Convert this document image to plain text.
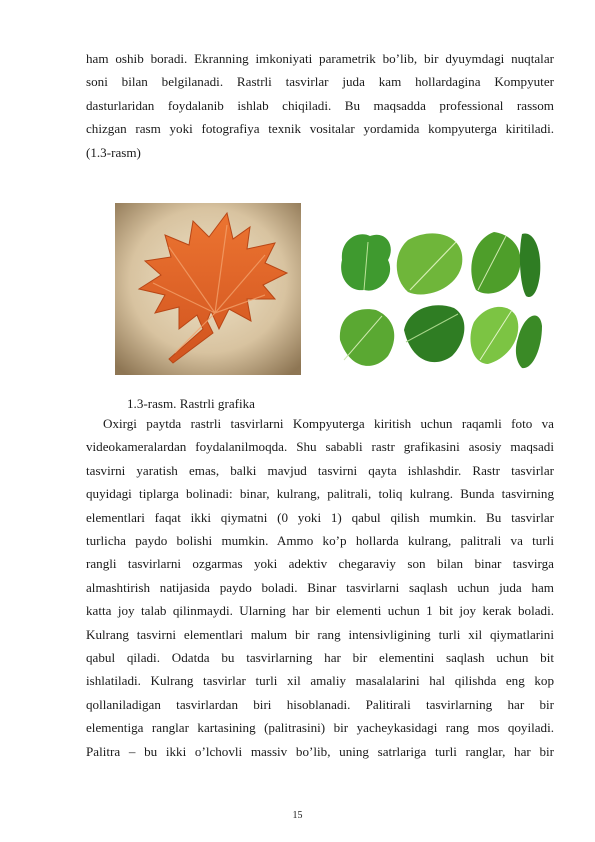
ham oshib boradi. Ekranning imkoniyati parametrik bo’lib, bir dyuymdagi nuqtalar
soni bilan belgilanadi. Rastrli tasvirlar juda kam hollardagina Kompyuter
dasturlaridan foydalanib ishlab chiqiladi. Bu maqsadda professional rassom
chizgan rasm yoki fotografiya texnik vositalar yordamida kompyuterga kiritiladi.
(1.3-rasm)
1.3-rasm. Rastrli grafika
Oxirgi paytda rastrli tasvirlarni Kompyuterga kiritish uchun raqamli foto va
videokameralardan foydalanilmoqda. Shu sababli rastr grafikasini asosiy maqsadi
tasvirni yaratish emas, balki mavjud tasvirni qayta ishlashdir. Rastr tasvirlar
quyidagi tiplarga bolinadi: binar, kulrang, palitrali, toliq kulrang. Bunda tasvirning
elementlari faqat ikki qiymatni (0 yoki 1) qabul qilish mumkin. Bu tasvirlar
turlicha paydo bolishi mumkin. Ammo ko’p hollarda kulrang, palitrali va turli
rangli tasvirlarni ozgarmas yoki adektiv chegaraviy son bilan binar tasvirga
almashtirish natijasida paydo boladi. Binar tasvirlarni saqlash uchun juda ham
katta joy talab qilinmaydi. Ularning har bir elementi uchun 1 bit joy kerak boladi.
Kulrang tasvirni elementlari malum bir rang intensivligining turli xil qiymatlarini
qabul qiladi. Odatda bu tasvirlarning har bir elementini saqlash uchun bit
ishlatiladi. Kulrang tasvirlar turli xil amaliy masalalarini hal qilishda eng kop
qollaniladigan tasvirlardan biri hisoblanadi. Palitirali tasvirlarning har bir
elementiga ranglar kartasining (palitrasini) bir yacheykasidagi rang mos qoyiladi.
Palitra – bu ikki o’lchovli massiv bo’lib, uning satrlariga turli ranglar, har bir
15
